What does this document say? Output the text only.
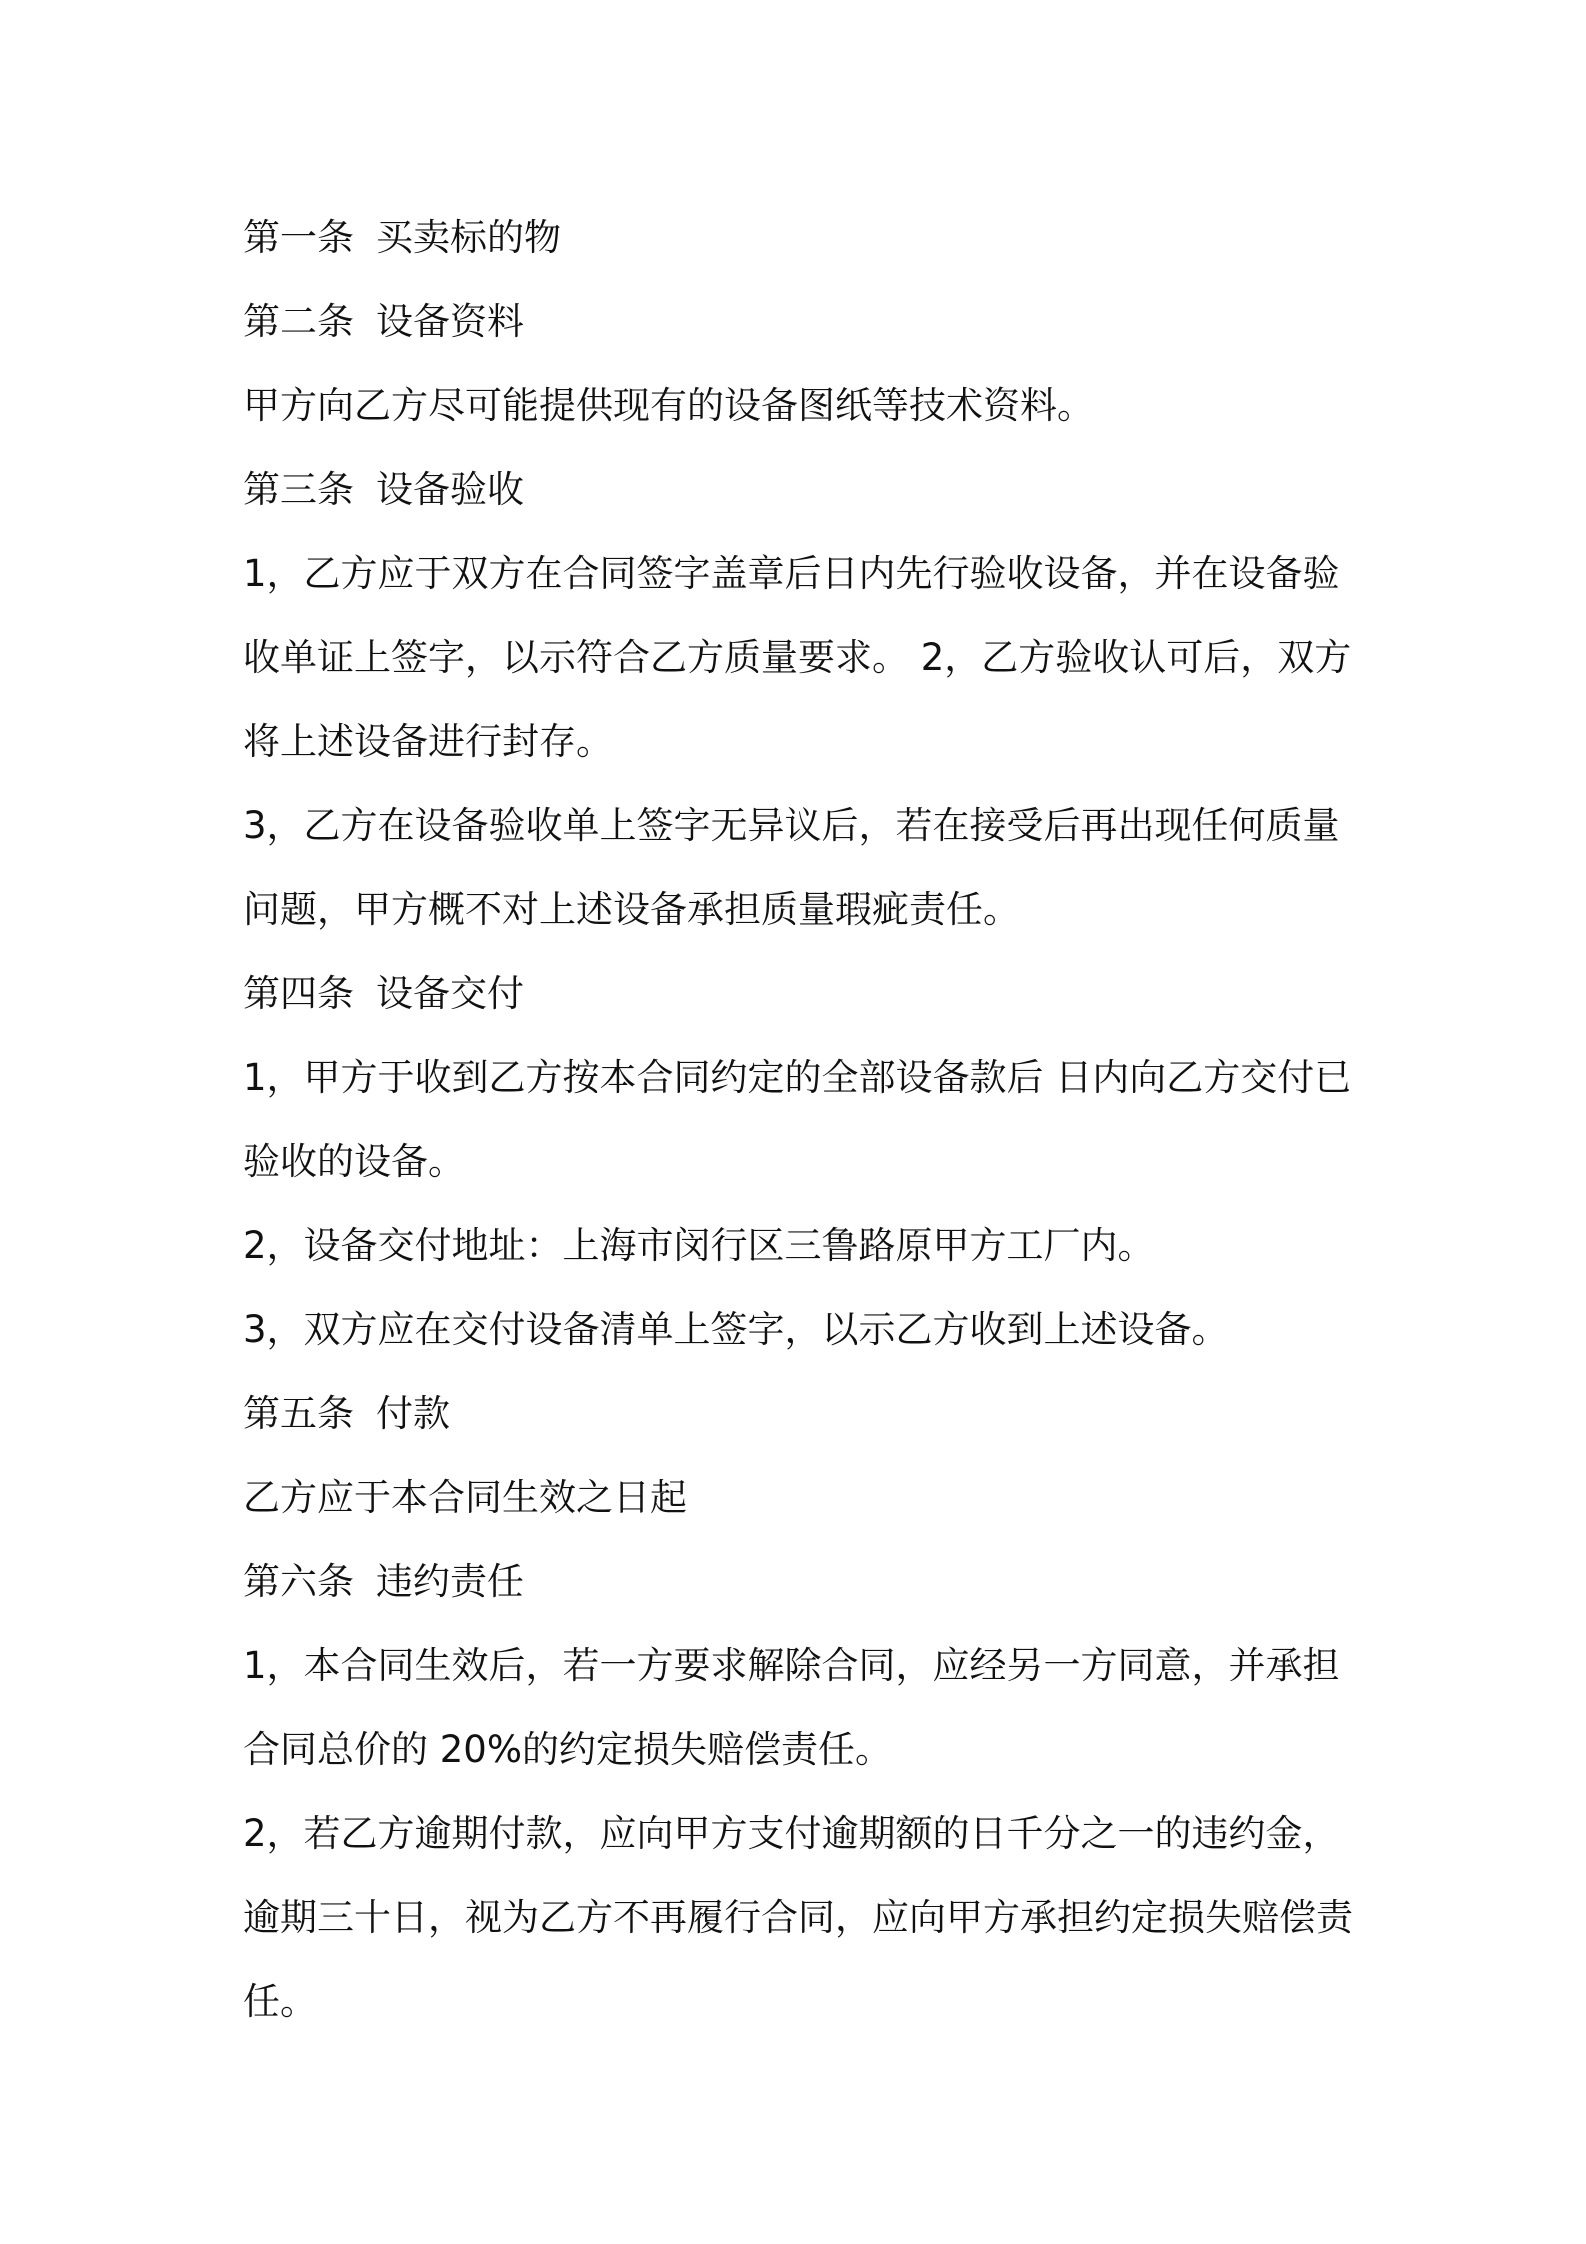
第一条 买卖标的物

第二条 设备资料

甲方向乙方尽可能提供现有的设备图纸等技术资料。

第三条 设备验收

1，乙方应于双方在合同签字盖章后日内先行验收设备，并在设备验收单证上签字，以示符合乙方质量要求。 2，乙方验收认可后，双方将上述设备进行封存。

3，乙方在设备验收单上签字无异议后，若在接受后再出现任何质量问题，甲方概不对上述设备承担质量瑕疵责任。

第四条 设备交付

1，甲方于收到乙方按本合同约定的全部设备款后 日内向乙方交付已验收的设备。

2，设备交付地址：上海市闵行区三鲁路原甲方工厂内。

3，双方应在交付设备清单上签字，以示乙方收到上述设备。

第五条 付款

乙方应于本合同生效之日起

第六条 违约责任

1，本合同生效后，若一方要求解除合同，应经另一方同意，并承担合同总价的 20%的约定损失赔偿责任。

2，若乙方逾期付款，应向甲方支付逾期额的日千分之一的违约金，逾期三十日，视为乙方不再履行合同，应向甲方承担约定损失赔偿责任。
